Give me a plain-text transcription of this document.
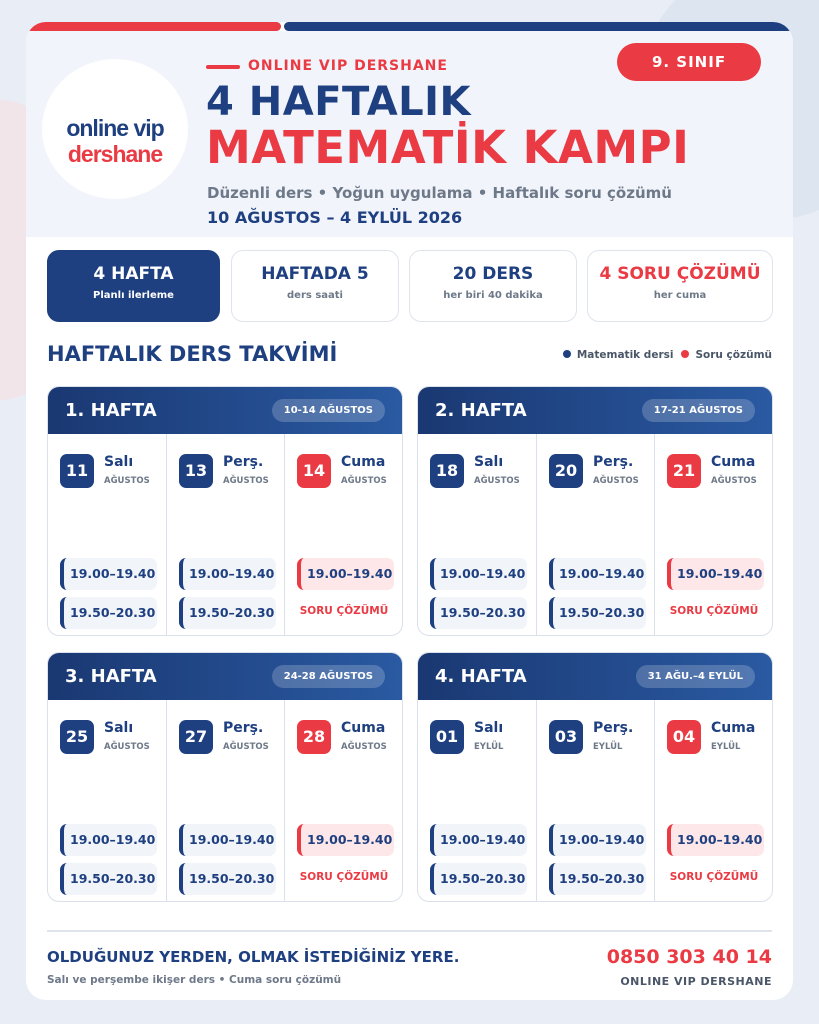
online vip
dershane
ONLINE VIP DERSHANE
4 HAFTALIK
MATEMATİK KAMPI
Düzenli ders • Yoğun uygulama • Haftalık soru çözümü
10 AĞUSTOS – 4 EYLÜL 2026
9. SINIF
4 HAFTA
Planlı ilerleme
HAFTADA 5
ders saati
20 DERS
her biri 40 dakika
4 SORU ÇÖZÜMÜ
her cuma
HAFTALIK DERS TAKVİMİ	Matematik dersi Soru çözümü
1. HAFTA	10-14 AĞUSTOS
11	Salı
AĞUSTOS
19.00–19.40
19.50–20.30
13	Perş.
AĞUSTOS
19.00–19.40
19.50–20.30
14	Cuma
AĞUSTOS
19.00–19.40
SORU ÇÖZÜMÜ
2. HAFTA	17-21 AĞUSTOS
18	Salı
AĞUSTOS
19.00–19.40
19.50–20.30
20	Perş.
AĞUSTOS
19.00–19.40
19.50–20.30
21	Cuma
AĞUSTOS
19.00–19.40
SORU ÇÖZÜMÜ
3. HAFTA	24-28 AĞUSTOS
25	Salı
AĞUSTOS
19.00–19.40
19.50–20.30
27	Perş.
AĞUSTOS
19.00–19.40
19.50–20.30
28	Cuma
AĞUSTOS
19.00–19.40
SORU ÇÖZÜMÜ
4. HAFTA	31 AĞU.–4 EYLÜL
01	Salı
EYLÜL
19.00–19.40
19.50–20.30
03	Perş.
EYLÜL
19.00–19.40
19.50–20.30
04	Cuma
EYLÜL
19.00–19.40
SORU ÇÖZÜMÜ
OLDUĞUNUZ YERDEN, OLMAK İSTEDİĞİNİZ YERE.
Salı ve perşembe ikişer ders • Cuma soru çözümü
0850 303 40 14
ONLINE VIP DERSHANE
